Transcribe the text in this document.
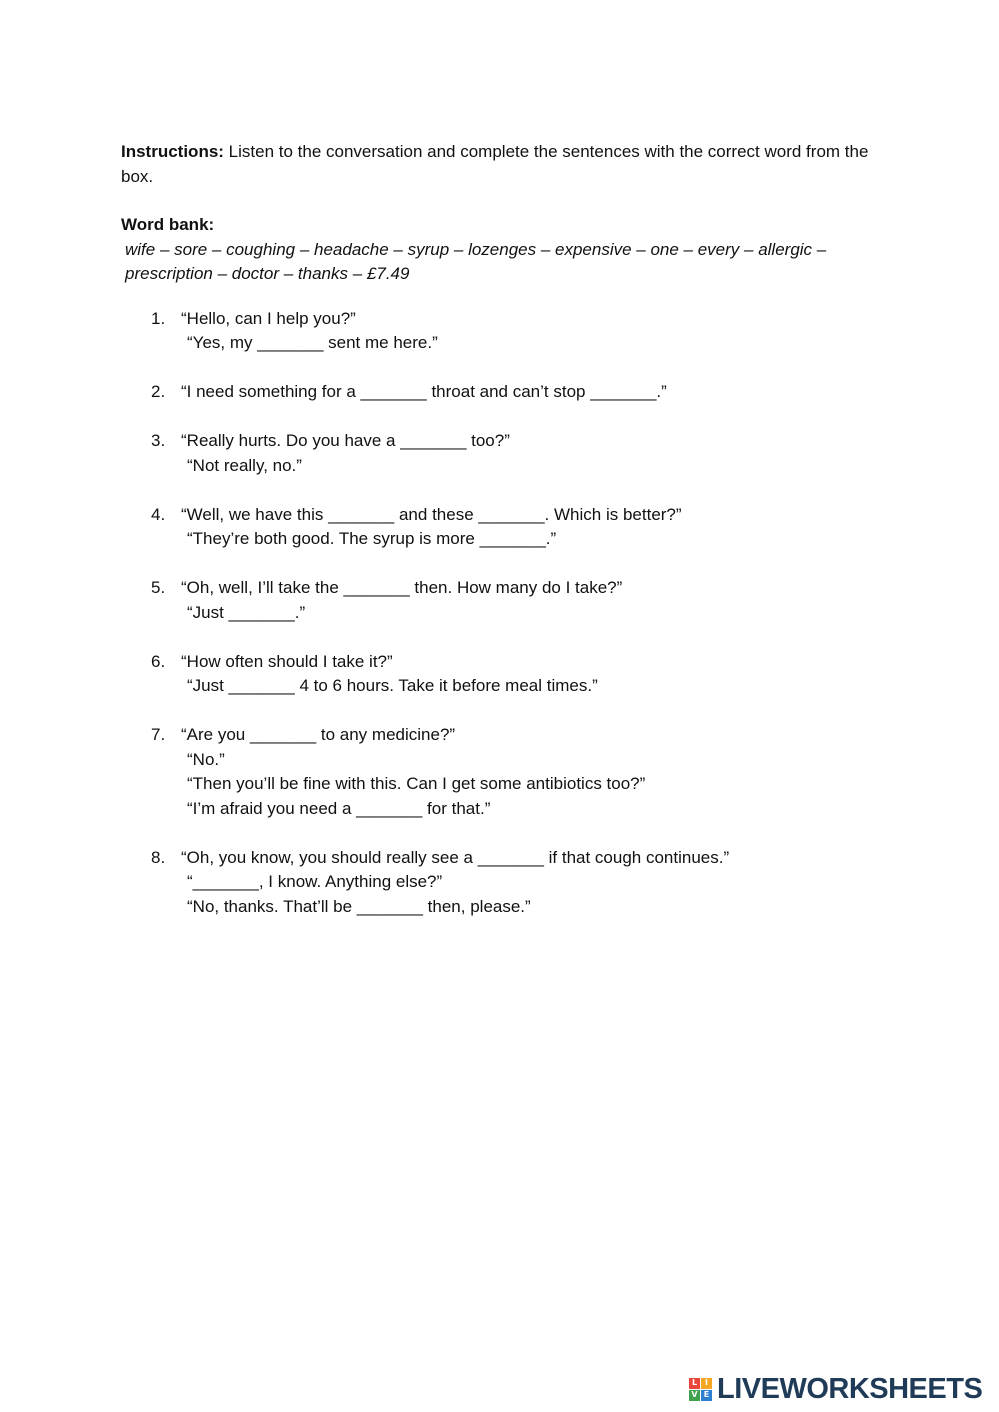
Instructions: Listen to the conversation and complete the sentences with the correct word from the box.

Word bank:

wife – sore – coughing – headache – syrup – lozenges – expensive – one – every – allergic – prescription – doctor – thanks – £7.49

1. “Hello, can I help you?”
“Yes, my _______ sent me here.”
2. “I need something for a _______ throat and can’t stop _______.”
3. “Really hurts. Do you have a _______ too?”
“Not really, no.”
4. “Well, we have this _______ and these _______. Which is better?”
“They’re both good. The syrup is more _______.”
5. “Oh, well, I’ll take the _______ then. How many do I take?”
“Just _______.”
6. “How often should I take it?”
“Just _______ 4 to 6 hours. Take it before meal times.”
7. “Are you _______ to any medicine?”
“No.”
“Then you’ll be fine with this. Can I get some antibiotics too?”
“I’m afraid you need a _______ for that.”
8. “Oh, you know, you should really see a _______ if that cough continues.”
“_______, I know. Anything else?”
“No, thanks. That’ll be _______ then, please.”
L I
V E LIVEWORKSHEETS
